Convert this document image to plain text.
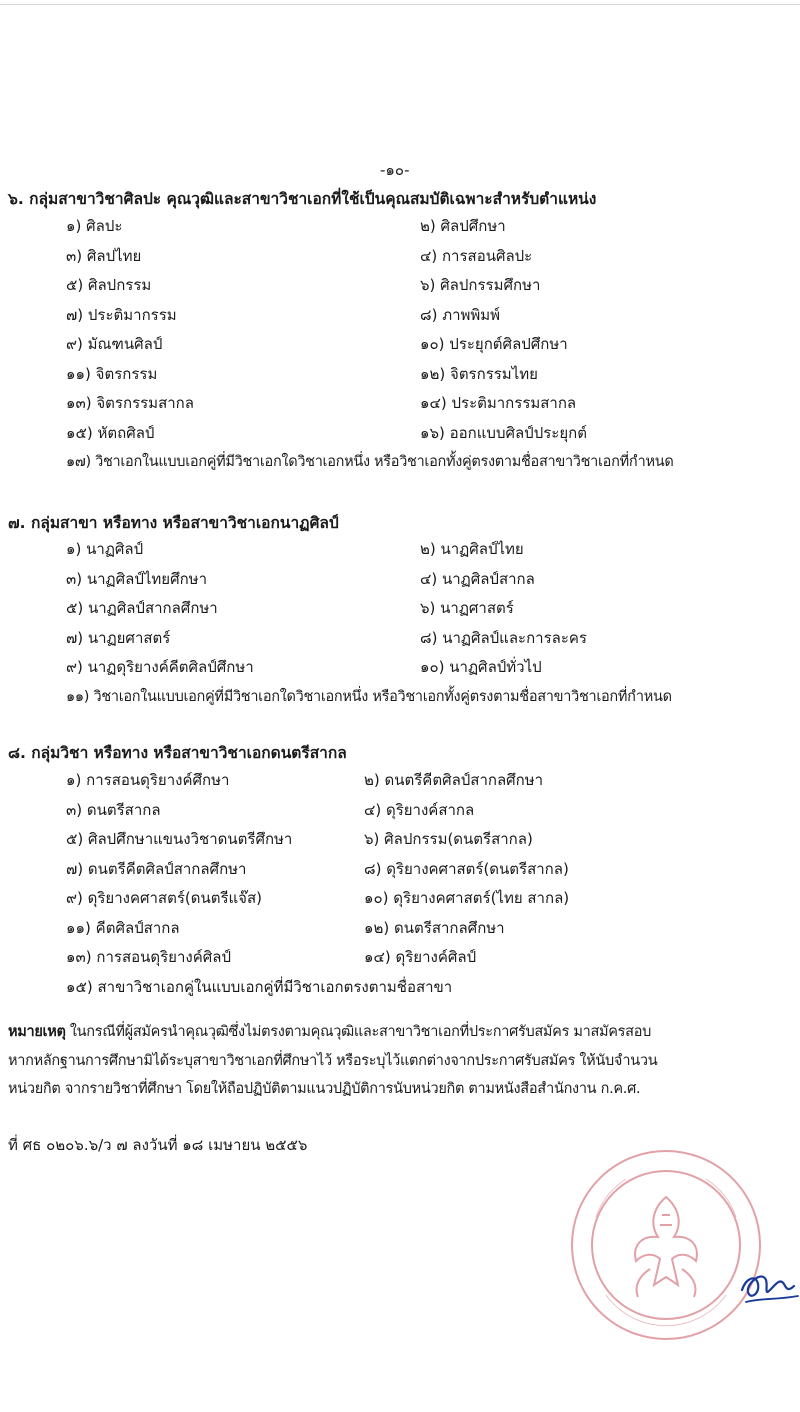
-๑๐-
๖. กลุ่มสาขาวิชาศิลปะ คุณวุฒิและสาขาวิชาเอกที่ใช้เป็นคุณสมบัติเฉพาะสำหรับตำแหน่ง
๑) ศิลปะ	๒) ศิลปศึกษา
๓) ศิลปไทย	๔) การสอนศิลปะ
๕) ศิลปกรรม	๖) ศิลปกรรมศึกษา
๗) ประติมากรรม	๘) ภาพพิมพ์
๙) มัณฑนศิลป์	๑๐) ประยุกต์ศิลปศึกษา
๑๑) จิตรกรรม	๑๒) จิตรกรรมไทย
๑๓) จิตรกรรมสากล	๑๔) ประติมากรรมสากล
๑๕) หัตถศิลป์	๑๖) ออกแบบศิลป์ประยุกต์
๑๗) วิชาเอกในแบบเอกคู่ที่มีวิชาเอกใดวิชาเอกหนึ่ง หรือวิชาเอกทั้งคู่ตรงตามชื่อสาขาวิชาเอกที่กำหนด
๗. กลุ่มสาขา หรือทาง หรือสาขาวิชาเอกนาฏศิลป์
๑) นาฏศิลป์	๒) นาฏศิลป์ไทย
๓) นาฏศิลป์ไทยศึกษา	๔) นาฏศิลป์สากล
๕) นาฏศิลป์สากลศึกษา	๖) นาฏศาสตร์
๗) นาฏยศาสตร์	๘) นาฏศิลป์และการละคร
๙) นาฏดุริยางค์คีตศิลป์ศึกษา	๑๐) นาฏศิลป์ทั่วไป
๑๑) วิชาเอกในแบบเอกคู่ที่มีวิชาเอกใดวิชาเอกหนึ่ง หรือวิชาเอกทั้งคู่ตรงตามชื่อสาขาวิชาเอกที่กำหนด
๘. กลุ่มวิชา หรือทาง หรือสาขาวิชาเอกดนตรีสากล
๑) การสอนดุริยางค์ศึกษา	๒) ดนตรีคีตศิลป์สากลศึกษา
๓) ดนตรีสากล	๔) ดุริยางค์สากล
๕) ศิลปศึกษาแขนงวิชาดนตรีศึกษา	๖) ศิลปกรรม(ดนตรีสากล)
๗) ดนตรีคีตศิลป์สากลศึกษา	๘) ดุริยางคศาสตร์(ดนตรีสากล)
๙) ดุริยางคศาสตร์(ดนตรีแจ๊ส)	๑๐) ดุริยางคศาสตร์(ไทย สากล)
๑๑) คีตศิลป์สากล	๑๒) ดนตรีสากลศึกษา
๑๓) การสอนดุริยางค์ศิลป์	๑๔) ดุริยางค์ศิลป์
๑๕) สาขาวิชาเอกคู่ในแบบเอกคู่ที่มีวิชาเอกตรงตามชื่อสาขา
หมายเหตุ ในกรณีที่ผู้สมัครนำคุณวุฒิซึ่งไม่ตรงตามคุณวุฒิและสาขาวิชาเอกที่ประกาศรับสมัคร มาสมัครสอบ
หากหลักฐานการศึกษามิได้ระบุสาขาวิชาเอกที่ศึกษาไว้ หรือระบุไว้แตกต่างจากประกาศรับสมัคร ให้นับจำนวน
หน่วยกิต จากรายวิชาที่ศึกษา โดยให้ถือปฏิบัติตามแนวปฏิบัติการนับหน่วยกิต ตามหนังสือสำนักงาน ก.ค.ศ.
ที่ ศธ ๐๒๐๖.๖/ว ๗ ลงวันที่ ๑๘ เมษายน ๒๕๕๖
